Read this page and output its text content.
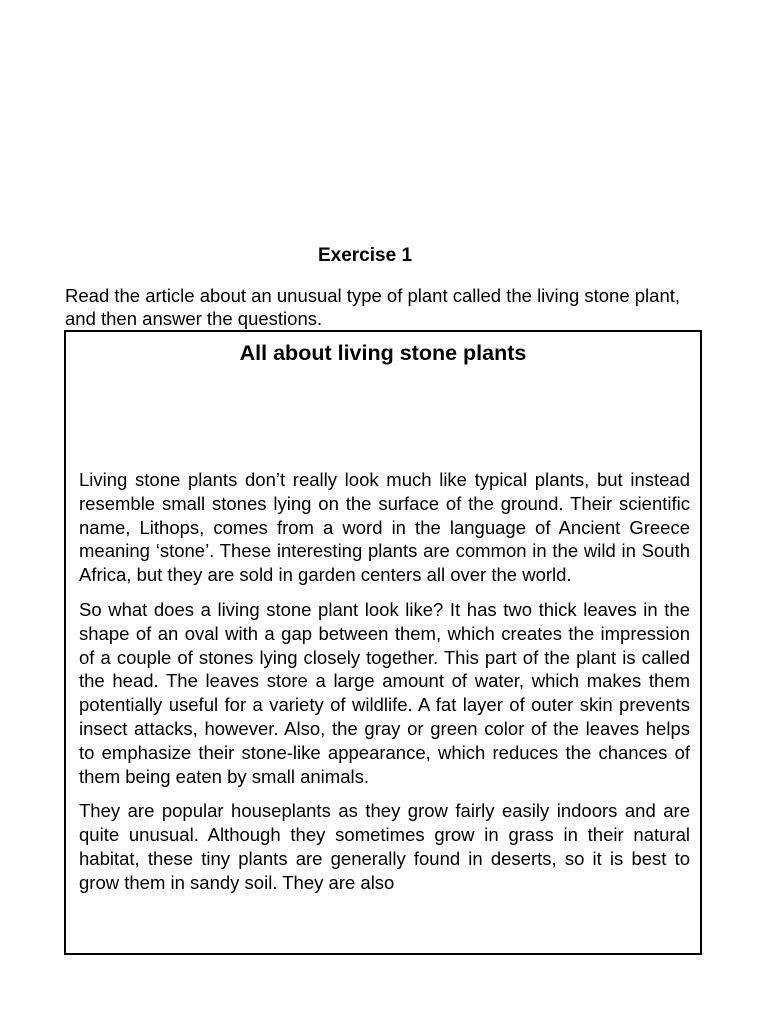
Exercise 1
Read the article about an unusual type of plant called the living stone plant, and then answer the questions.
All about living stone plants

Living stone plants don’t really look much like typical plants, but instead resemble small stones lying on the surface of the ground. Their scientific name, Lithops, comes from a word in the language of Ancient Greece meaning ‘stone’. These interesting plants are common in the wild in South Africa, but they are sold in garden centers all over the world.

So what does a living stone plant look like? It has two thick leaves in the shape of an oval with a gap between them, which creates the impression of a couple of stones lying closely together. This part of the plant is called the head. The leaves store a large amount of water, which makes them potentially useful for a variety of wildlife. A fat layer of outer skin prevents insect attacks, however. Also, the gray or green color of the leaves helps to emphasize their stone-like appearance, which reduces the chances of them being eaten by small animals.

They are popular houseplants as they grow fairly easily indoors and are quite unusual. Although they sometimes grow in grass in their natural habitat, these tiny plants are generally found in deserts, so it is best to grow them in sandy soil. They are also
